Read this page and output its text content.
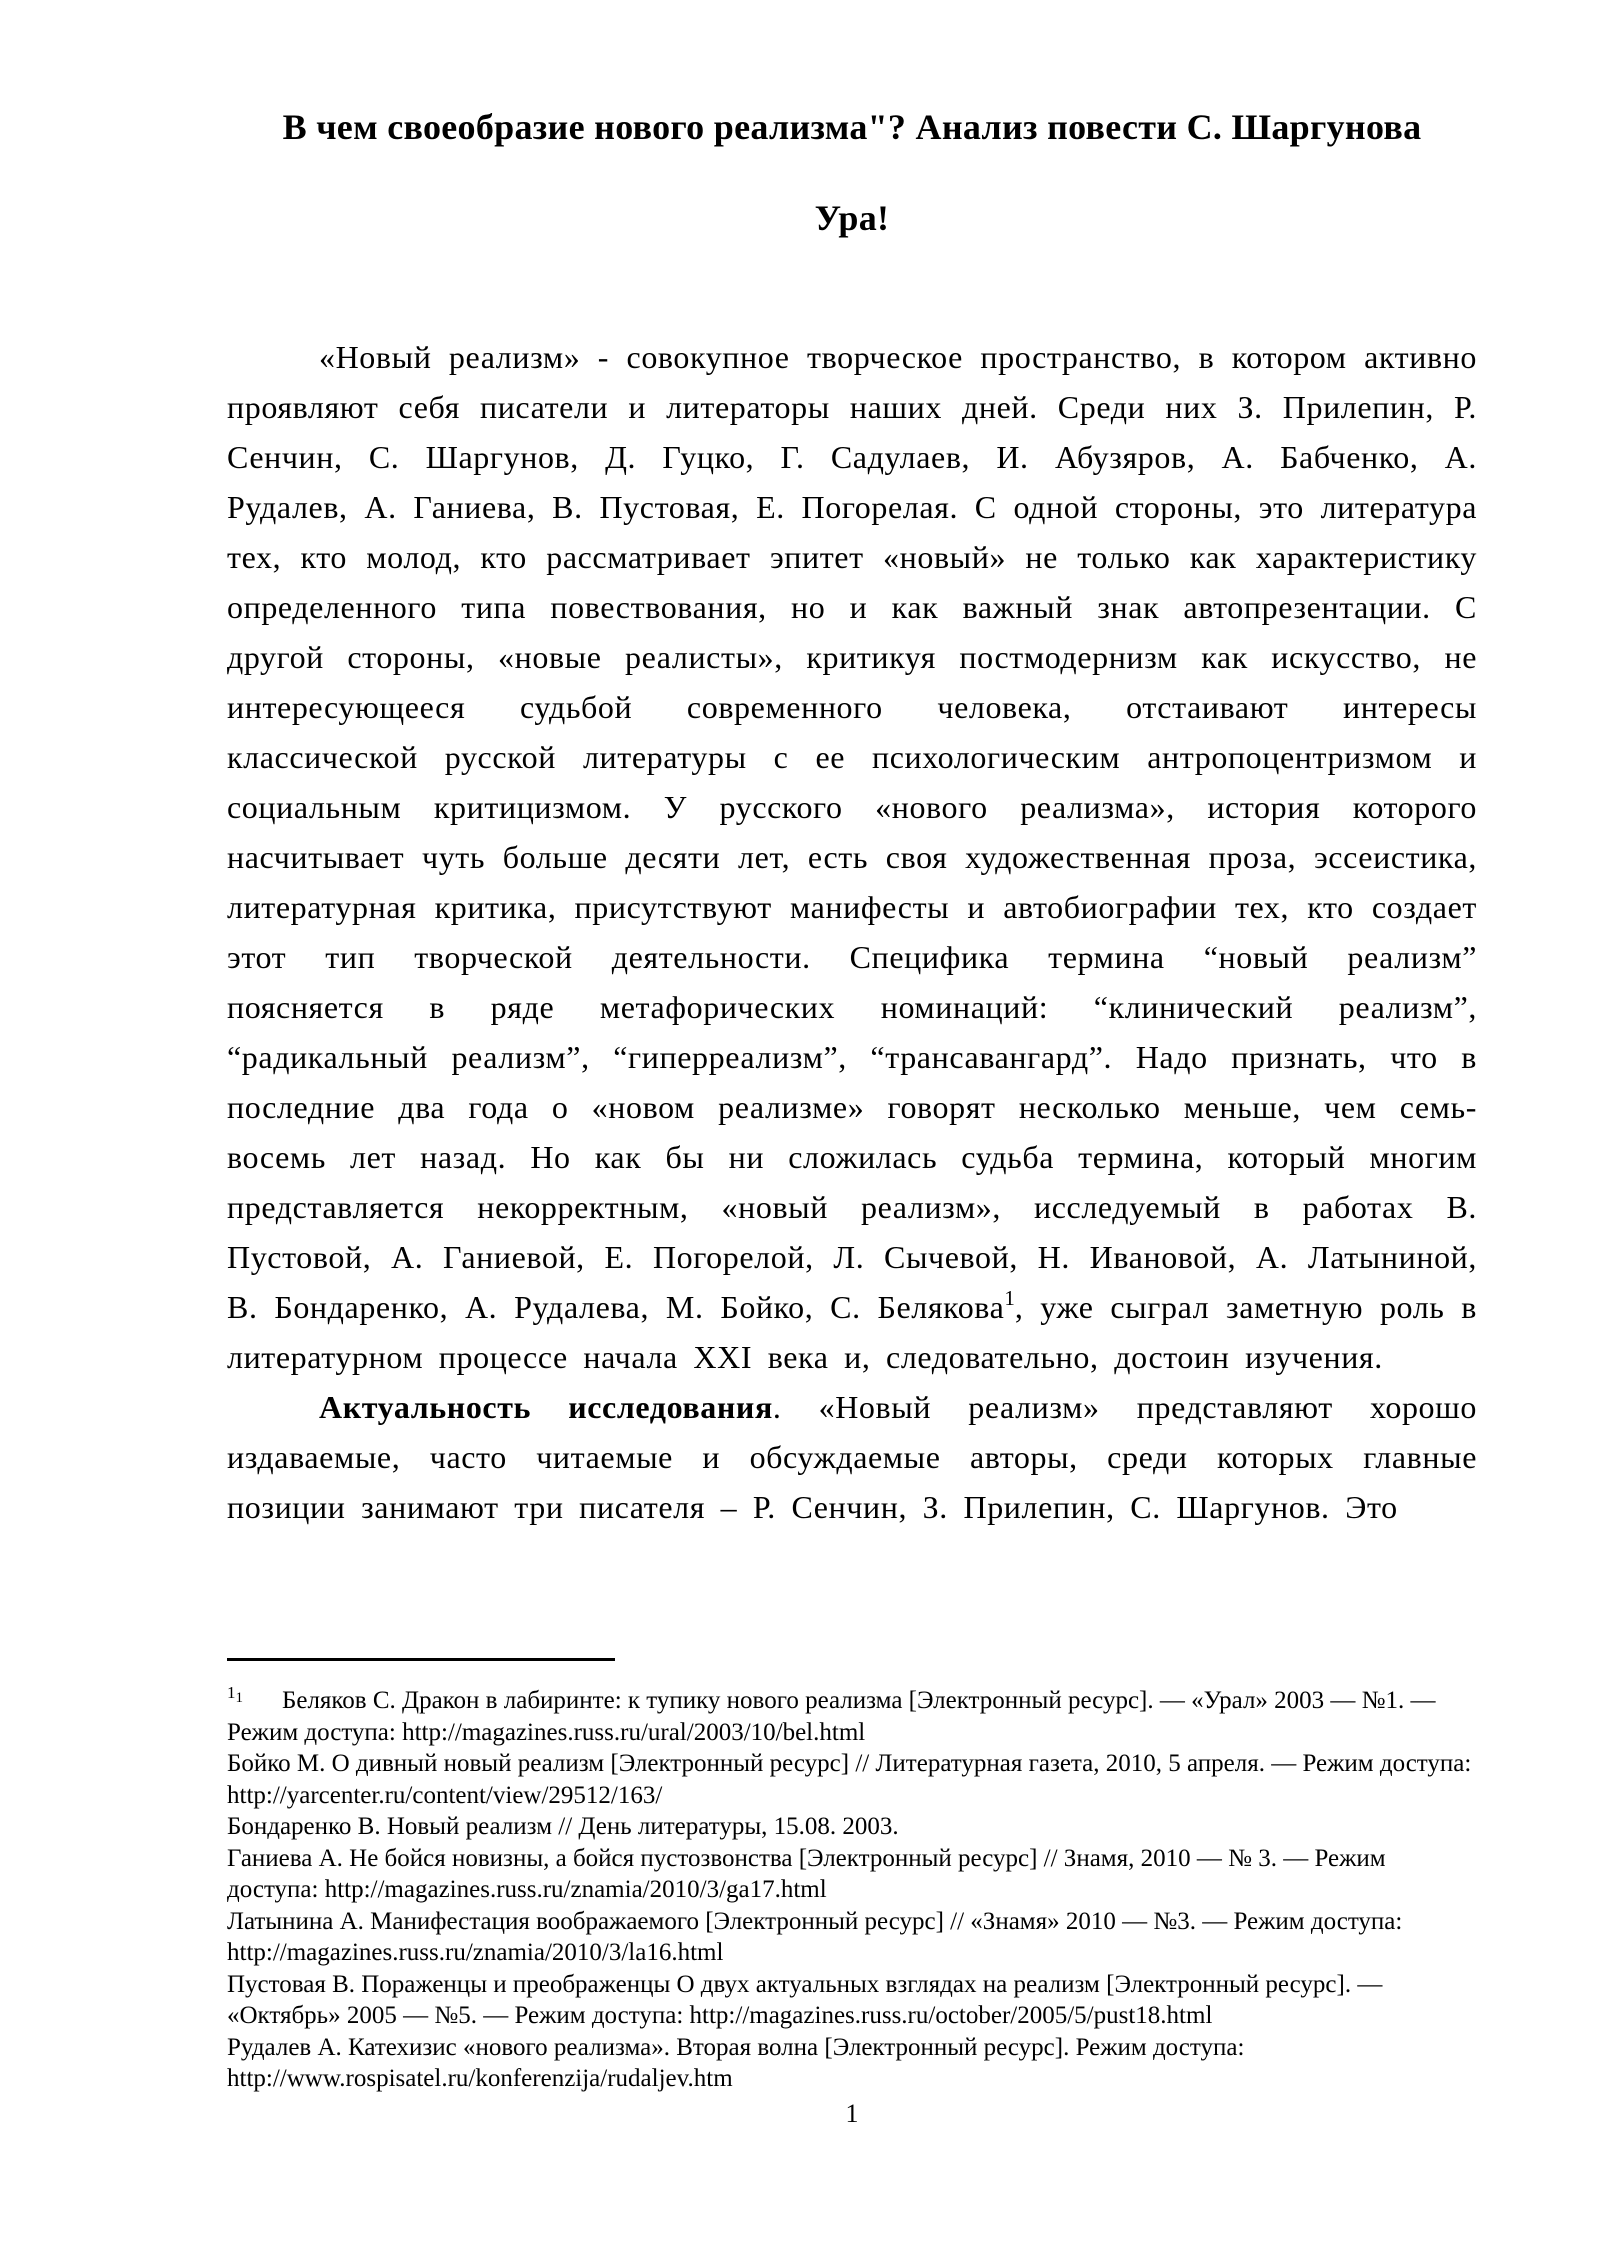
В чем своеобразие нового реализма"? Анализ повести С. Шаргунова
Ура!

«Новый реализм» - совокупное творческое пространство, в котором активно проявляют себя писатели и литераторы наших дней. Среди них З. Прилепин, Р. Сенчин, С. Шаргунов, Д. Гуцко, Г. Садулаев, И. Абузяров, А. Бабченко, А. Рудалев, А. Ганиева, В. Пустовая, Е. Погорелая. С одной стороны, это литература тех, кто молод, кто рассматривает эпитет «новый» не только как характеристику определенного типа повествования, но и как важный знак автопрезентации. С другой стороны, «новые реалисты», критикуя постмодернизм как искусство, не интересующееся судьбой современного человека, отстаивают интересы классической русской литературы с ее психологическим антропоцентризмом и социальным критицизмом. У русского «нового реализма», история которого насчитывает чуть больше десяти лет, есть своя художественная проза, эссеистика, литературная критика, присутствуют манифесты и автобиографии тех, кто создает этот тип творческой деятельности. Специфика термина “новый реализм” поясняется в ряде метафорических номинаций: “клинический реализм”, “радикальный реализм”, “гиперреализм”, “трансавангард”. Надо признать, что в последние два года о «новом реализме» говорят несколько меньше, чем семь-восемь лет назад. Но как бы ни сложилась судьба термина, который многим представляется некорректным, «новый реализм», исследуемый в работах В. Пустовой, А. Ганиевой, Е. Погорелой, Л. Сычевой, Н. Ивановой, А. Латыниной, В. Бондаренко, А. Рудалева, М. Бойко, С. Белякова$^1$, уже сыграл заметную роль в литературном процессе начала XXI века и, следовательно, достоин изучения.

Актуальность исследования. «Новый реализм» представляют хорошо издаваемые, часто читаемые и обсуждаемые авторы, среди которых главные позиции занимают три писателя – Р. Сенчин, З. Прилепин, С. Шаргунов. Это

$^{11}$ Беляков С. Дракон в лабиринте: к тупику нового реализма [Электронный ресурс]. — «Урал» 2003 — №1. — Режим доступа: http://magazines.russ.ru/ural/2003/10/bel.html
Бойко М. О дивный новый реализм [Электронный ресурс] // Литературная газета, 2010, 5 апреля. — Режим доступа: http://yarcenter.ru/content/view/29512/163/
Бондаренко В. Новый реализм // День литературы, 15.08. 2003.
Ганиева А. Не бойся новизны, а бойся пустозвонства [Электронный ресурс] // Знамя, 2010 — № 3. — Режим доступа: http://magazines.russ.ru/znamia/2010/3/ga17.html
Латынина А. Манифестация воображаемого [Электронный ресурс] // «Знамя» 2010 — №3. — Режим доступа: http://magazines.russ.ru/znamia/2010/3/la16.html
Пустовая В. Пораженцы и преображенцы О двух актуальных взглядах на реализм [Электронный ресурс]. — «Октябрь» 2005 — №5. — Режим доступа: http://magazines.russ.ru/october/2005/5/pust18.html
Рудалев А. Катехизис «нового реализма». Вторая волна [Электронный ресурс]. Режим доступа: http://www.rospisatel.ru/konferenzija/rudaljev.htm
1
